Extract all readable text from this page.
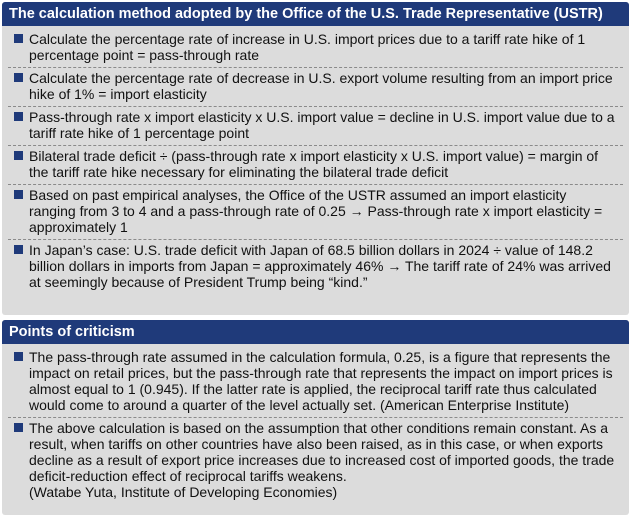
The calculation method adopted by the Office of the U.S. Trade Representative (USTR)
Calculate the percentage rate of increase in U.S. import prices due to a tariff rate hike of 1 percentage point = pass-through rate
Calculate the percentage rate of decrease in U.S. export volume resulting from an import price hike of 1% = import elasticity
Pass-through rate x import elasticity x U.S. import value = decline in U.S. import value due to a tariff rate hike of 1 percentage point
Bilateral trade deficit ÷ (pass-through rate x import elasticity x U.S. import value) = margin of the tariff rate hike necessary for eliminating the bilateral trade deficit
Based on past empirical analyses, the Office of the USTR assumed an import elasticity ranging from 3 to 4 and a pass-through rate of 0.25 → Pass-through rate x import elasticity = approximately 1
In Japan’s case: U.S. trade deficit with Japan of 68.5 billion dollars in 2024 ÷ value of 148.2 billion dollars in imports from Japan = approximately 46% → The tariff rate of 24% was arrived at seemingly because of President Trump being “kind.”
Points of criticism
The pass-through rate assumed in the calculation formula, 0.25, is a figure that represents the impact on retail prices, but the pass-through rate that represents the impact on import prices is almost equal to 1 (0.945). If the latter rate is applied, the reciprocal tariff rate thus calculated would come to around a quarter of the level actually set. (American Enterprise Institute)
The above calculation is based on the assumption that other conditions remain constant. As a result, when tariffs on other countries have also been raised, as in this case, or when exports decline as a result of export price increases due to increased cost of imported goods, the trade deficit-reduction effect of reciprocal tariffs weakens.
(Watabe Yuta, Institute of Developing Economies)
